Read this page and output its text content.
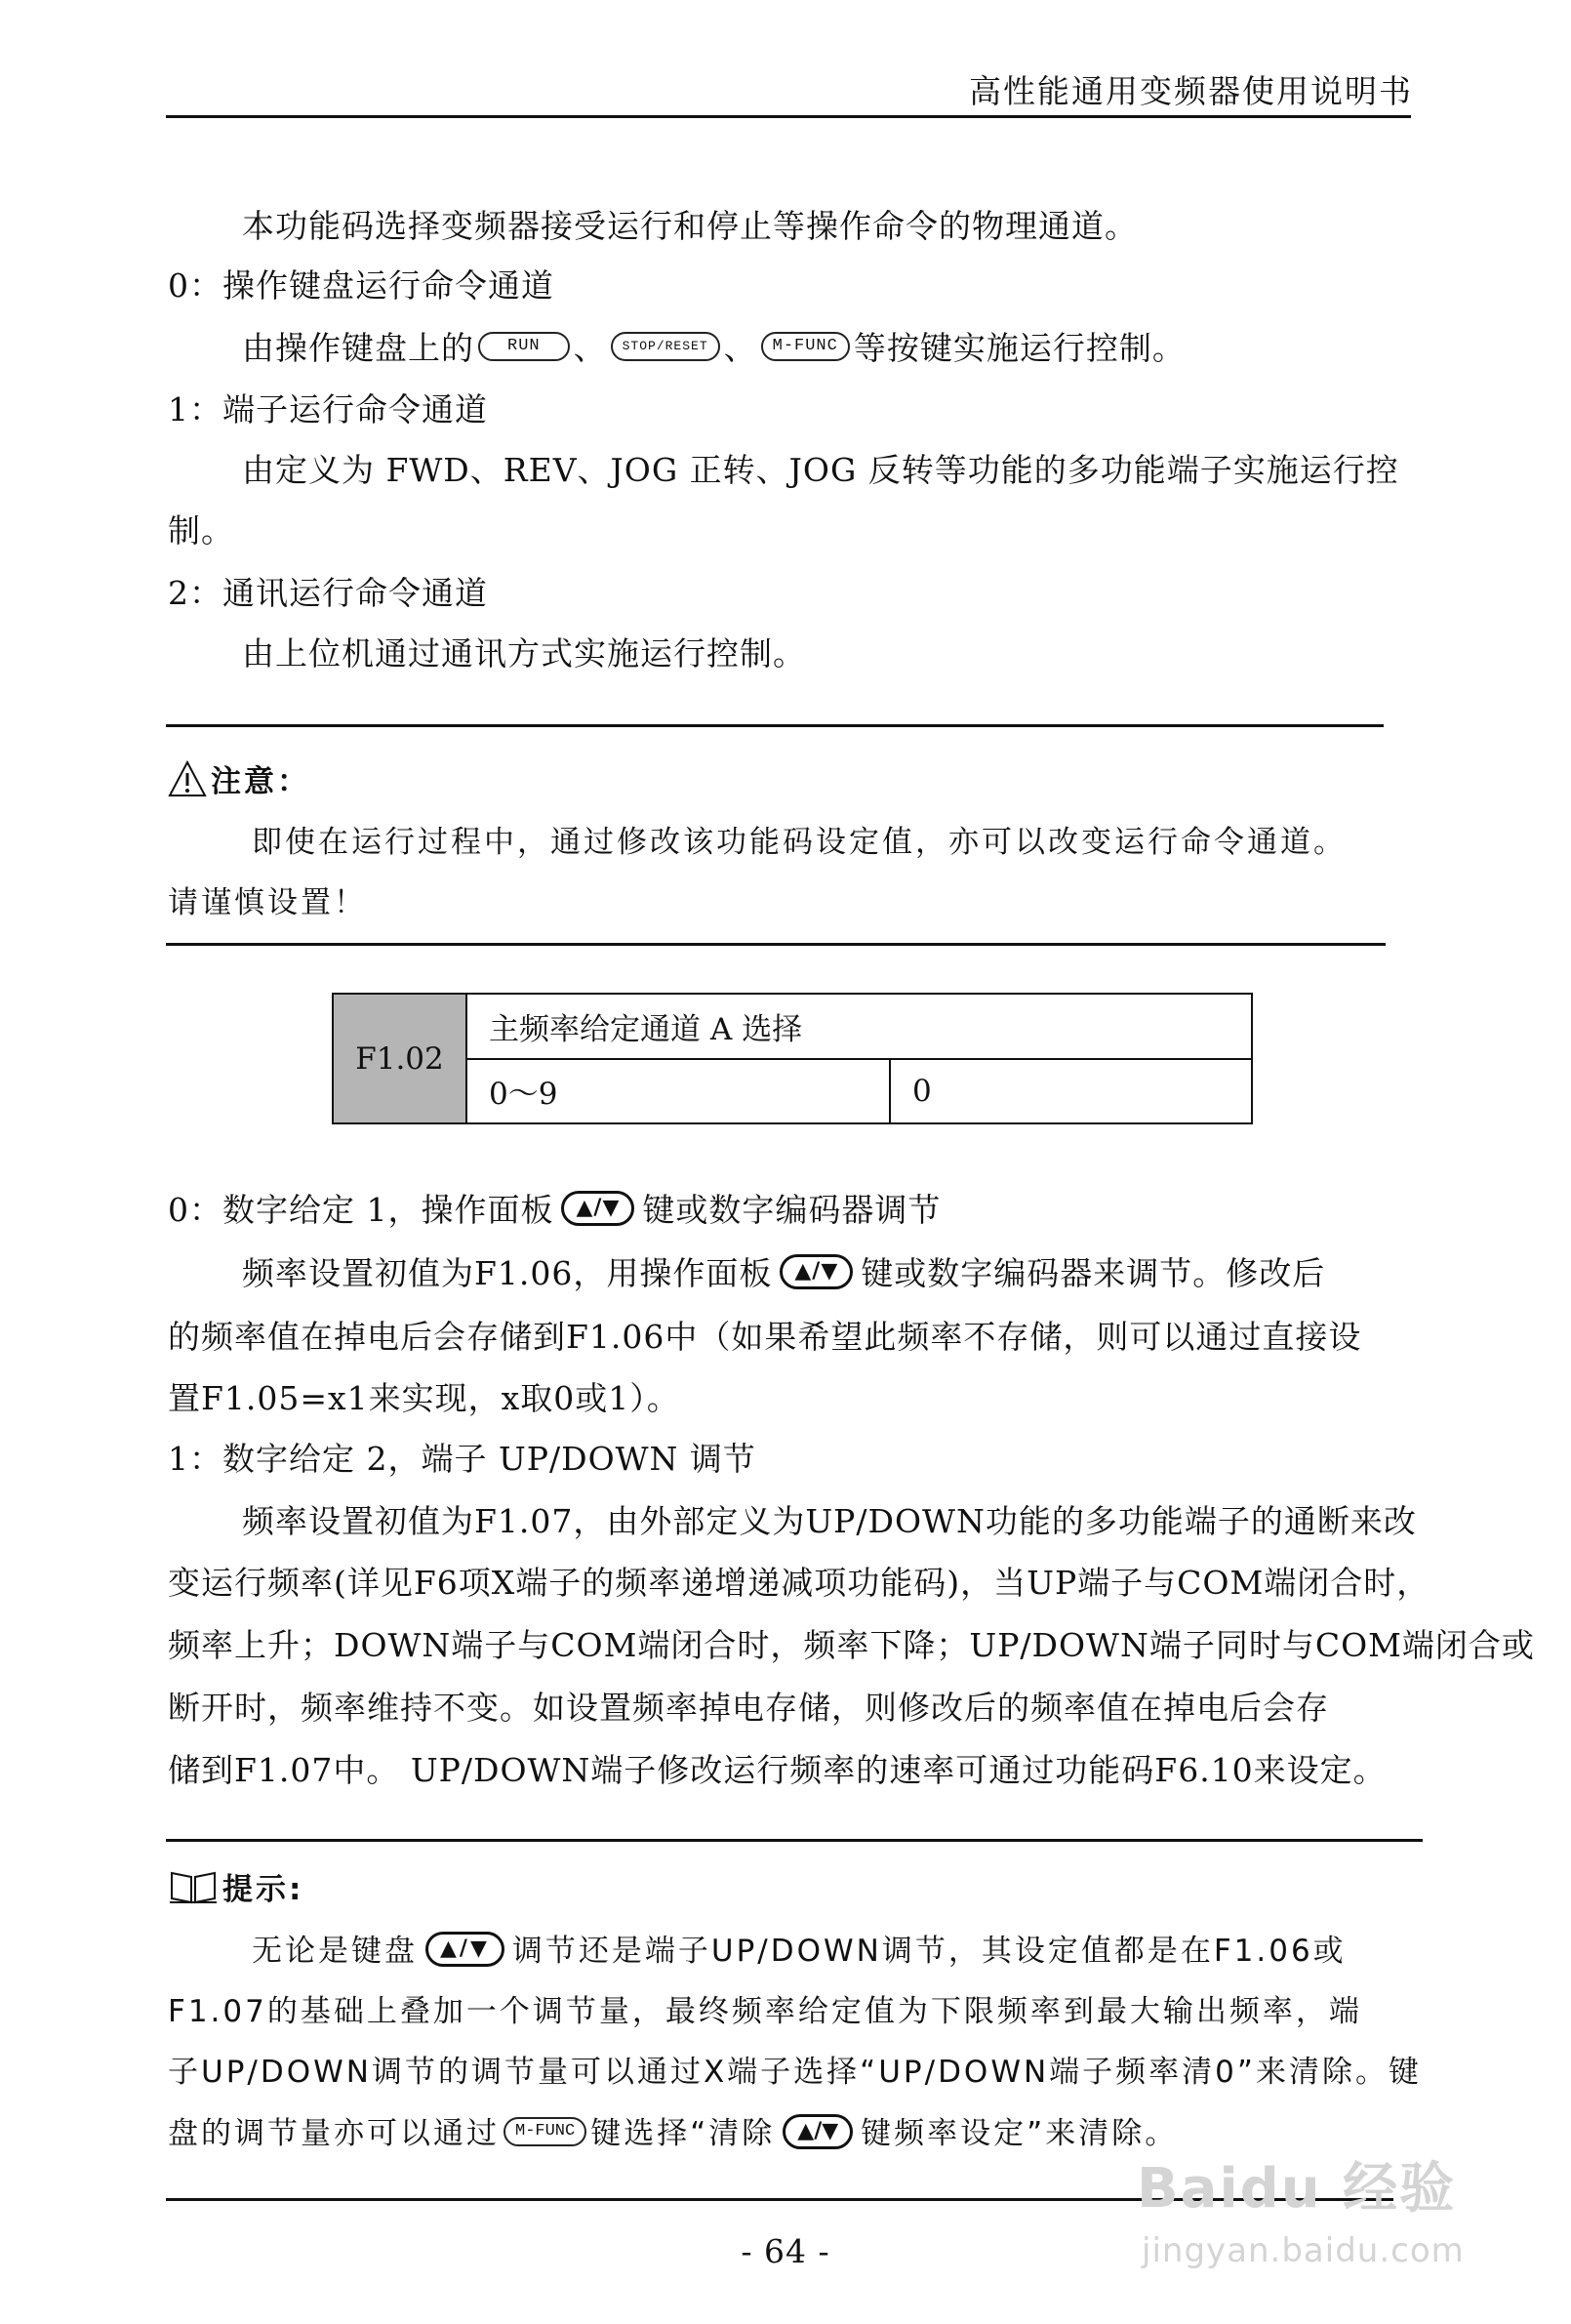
高性能通用变频器使用说明书
本功能码选择变频器接受运行和停止等操作命令的物理通道。
0：操作键盘运行命令通道
由操作键盘上的 RUN 、 STOP/RESET 、 M-FUNC 等按键实施运行控制。
1：端子运行命令通道
由定义为 FWD、REV、JOG 正转、JOG 反转等功能的多功能端子实施运行控
制。
2：通讯运行命令通道
由上位机通过通讯方式实施运行控制。
注意：
即使在运行过程中，通过修改该功能码设定值，亦可以改变运行命令通道。
请谨慎设置！
F1.02	主频率给定通道 A 选择	
	0～9	0
0：数字给定 1，操作面板 ▲/▼ 键或数字编码器调节
频率设置初值为F1.06，用操作面板 ▲/▼ 键或数字编码器来调节。修改后
的频率值在掉电后会存储到F1.06中（如果希望此频率不存储，则可以通过直接设
置F1.05=x1来实现，x取0或1）。
1：数字给定 2，端子 UP/DOWN 调节
频率设置初值为F1.07，由外部定义为UP/DOWN功能的多功能端子的通断来改
变运行频率(详见F6项X端子的频率递增递减项功能码)，当UP端子与COM端闭合时，
频率上升；DOWN端子与COM端闭合时，频率下降；UP/DOWN端子同时与COM端闭合或
断开时，频率维持不变。如设置频率掉电存储，则修改后的频率值在掉电后会存
储到F1.07中。 UP/DOWN端子修改运行频率的速率可通过功能码F6.10来设定。
提示:
无论是键盘 ▲/▼ 调节还是端子UP/DOWN调节，其设定值都是在F1.06或
F1.07的基础上叠加一个调节量，最终频率给定值为下限频率到最大输出频率，端
子UP/DOWN调节的调节量可以通过X端子选择“UP/DOWN端子频率清0”来清除。键
盘的调节量亦可以通过 M-FUNC 键选择“清除 ▲/▼ 键频率设定”来清除。
- 64 -
Baidu 经验
jingyan.baidu.com
